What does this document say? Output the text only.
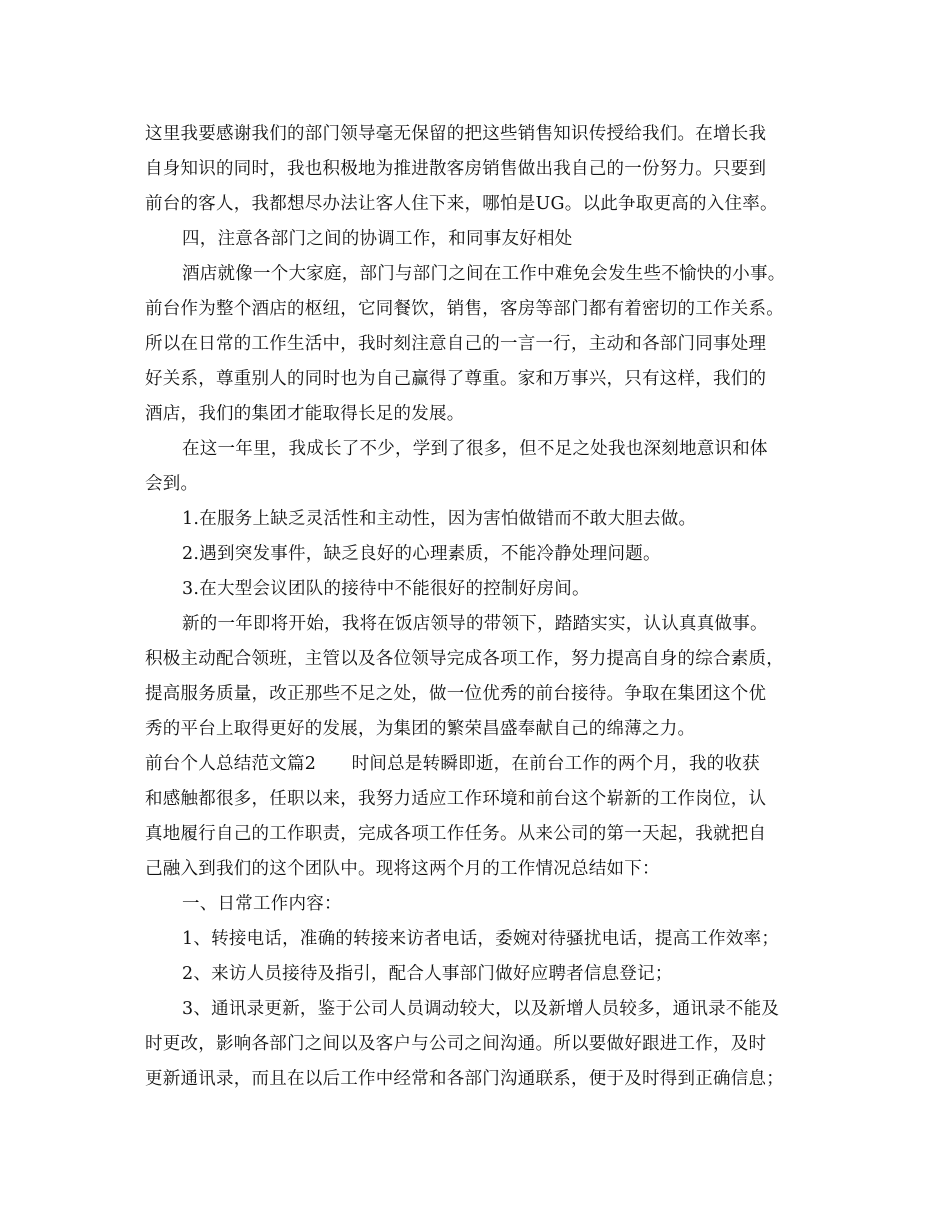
这里我要感谢我们的部门领导毫无保留的把这些销售知识传授给我们。在增长我
自身知识的同时，我也积极地为推进散客房销售做出我自己的一份努力。只要到
前台的客人，我都想尽办法让客人住下来，哪怕是UG。以此争取更高的入住率。
四，注意各部门之间的协调工作，和同事友好相处
酒店就像一个大家庭，部门与部门之间在工作中难免会发生些不愉快的小事。
前台作为整个酒店的枢纽，它同餐饮，销售，客房等部门都有着密切的工作关系。
所以在日常的工作生活中，我时刻注意自己的一言一行，主动和各部门同事处理
好关系，尊重别人的同时也为自己赢得了尊重。家和万事兴，只有这样，我们的
酒店，我们的集团才能取得长足的发展。
在这一年里，我成长了不少，学到了很多，但不足之处我也深刻地意识和体
会到。
1.在服务上缺乏灵活性和主动性，因为害怕做错而不敢大胆去做。
2.遇到突发事件，缺乏良好的心理素质，不能冷静处理问题。
3.在大型会议团队的接待中不能很好的控制好房间。
新的一年即将开始，我将在饭店领导的带领下，踏踏实实，认认真真做事。
积极主动配合领班，主管以及各位领导完成各项工作，努力提高自身的综合素质，
提高服务质量，改正那些不足之处，做一位优秀的前台接待。争取在集团这个优
秀的平台上取得更好的发展，为集团的繁荣昌盛奉献自己的绵薄之力。
前台个人总结范文篇2　　时间总是转瞬即逝，在前台工作的两个月，我的收获
和感触都很多，任职以来，我努力适应工作环境和前台这个崭新的工作岗位，认
真地履行自己的工作职责，完成各项工作任务。从来公司的第一天起，我就把自
己融入到我们的这个团队中。现将这两个月的工作情况总结如下：
一、日常工作内容：
1、转接电话，准确的转接来访者电话，委婉对待骚扰电话，提高工作效率；
2、来访人员接待及指引，配合人事部门做好应聘者信息登记；
3、通讯录更新，鉴于公司人员调动较大，以及新增人员较多，通讯录不能及
时更改，影响各部门之间以及客户与公司之间沟通。所以要做好跟进工作，及时
更新通讯录，而且在以后工作中经常和各部门沟通联系，便于及时得到正确信息；
